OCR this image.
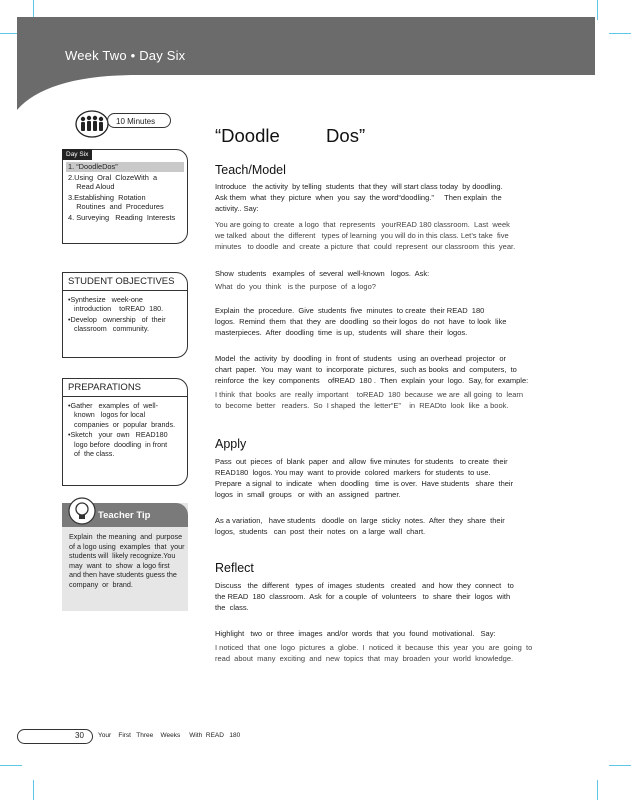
Week Two • Day Six
10 Minutes
Day Six
1. “DoodleDos”
2.Using  Oral  ClozeWith  a
Read Aloud
3.Establishing  Rotation
Routines  and  Procedures
4. Surveying   Reading  Interests
STUDENT OBJECTIVES
•Synthesize   week-one
introduction    toREAD  180.
•Develop   ownership   of  their
classroom   community.
PREPARATIONS
•Gather   examples  of  well-
known   logos for local
companies  or  popular  brands.
•Sketch   your  own   READ180
logo before  doodling  in front
of  the class.
Teacher Tip
Explain  the meaning  and  purpose
of a logo using  examples  that  your
students will  likely recognize.You
may  want  to  show  a logo first
and then have students guess the
company  or  brand.
“Doodle         Dos”
Teach/Model
Introduce   the activity  by telling  students  that they  will start class today  by doodling.
Ask them  what  they  picture  when  you  say  the word“doodling.”     Then explain  the
activity.. Say:
You are going to  create  a logo  that  represents   yourREAD 180 classroom.  Last  week
we talked  about  the  different   types of learning  you will do in this class. Let’s take  five
minutes   to doodle  and  create  a picture  that  could  represent  our classroom  this  year.
Show  students   examples  of  several  well-known   logos.  Ask:
What  do  you  think   is the  purpose  of  a logo?
Explain  the  procedure.  Give  students  five  minutes  to create  their READ  180
logos.  Remind  them  that  they  are  doodling  so their logos  do  not  have  to look  like
masterpieces.  After  doodling  time  is up,  students  will  share  their  logos.
Model  the  activity  by  doodling  in  front of  students   using  an overhead  projector  or
chart  paper.  You  may  want  to  incorporate  pictures,  such as books  and  computers,  to
reinforce  the  key  components    ofREAD  180 .  Then  explain  your  logo.  Say, for  example:
I think  that  books  are  really  important    toREAD  180  because  we are  all going  to  learn
to  become  better   readers.  So  I shaped  the  letter“E”    in  READto  look  like  a book.
Apply
Pass  out  pieces  of  blank  paper  and  allow  five minutes  for students   to create  their
READ180  logos. You may  want  to provide  colored  markers  for students  to use.
Prepare  a signal  to  indicate   when  doodling   time  is over.  Have students   share  their
logos  in  small  groups   or  with  an  assigned   partner.
As a variation,   have students   doodle  on  large  sticky  notes.  After  they  share  their
logos,  students   can  post  their  notes  on  a large  wall  chart.
Reflect
Discuss   the  different   types  of  images  students   created   and  how  they  connect   to
the READ  180  classroom.  Ask  for  a couple  of  volunteers   to  share  their  logos  with
the  class.
Highlight   two  or  three  images  and/or  words  that  you  found  motivational.   Say:
I noticed  that  one  logo  pictures  a  globe.  I  noticed  it  because  this  year  you  are  going  to
read  about  many  exciting  and  new  topics  that  may  broaden  your  world  knowledge.
30 Your    First   Three    Weeks     With  READ   180
